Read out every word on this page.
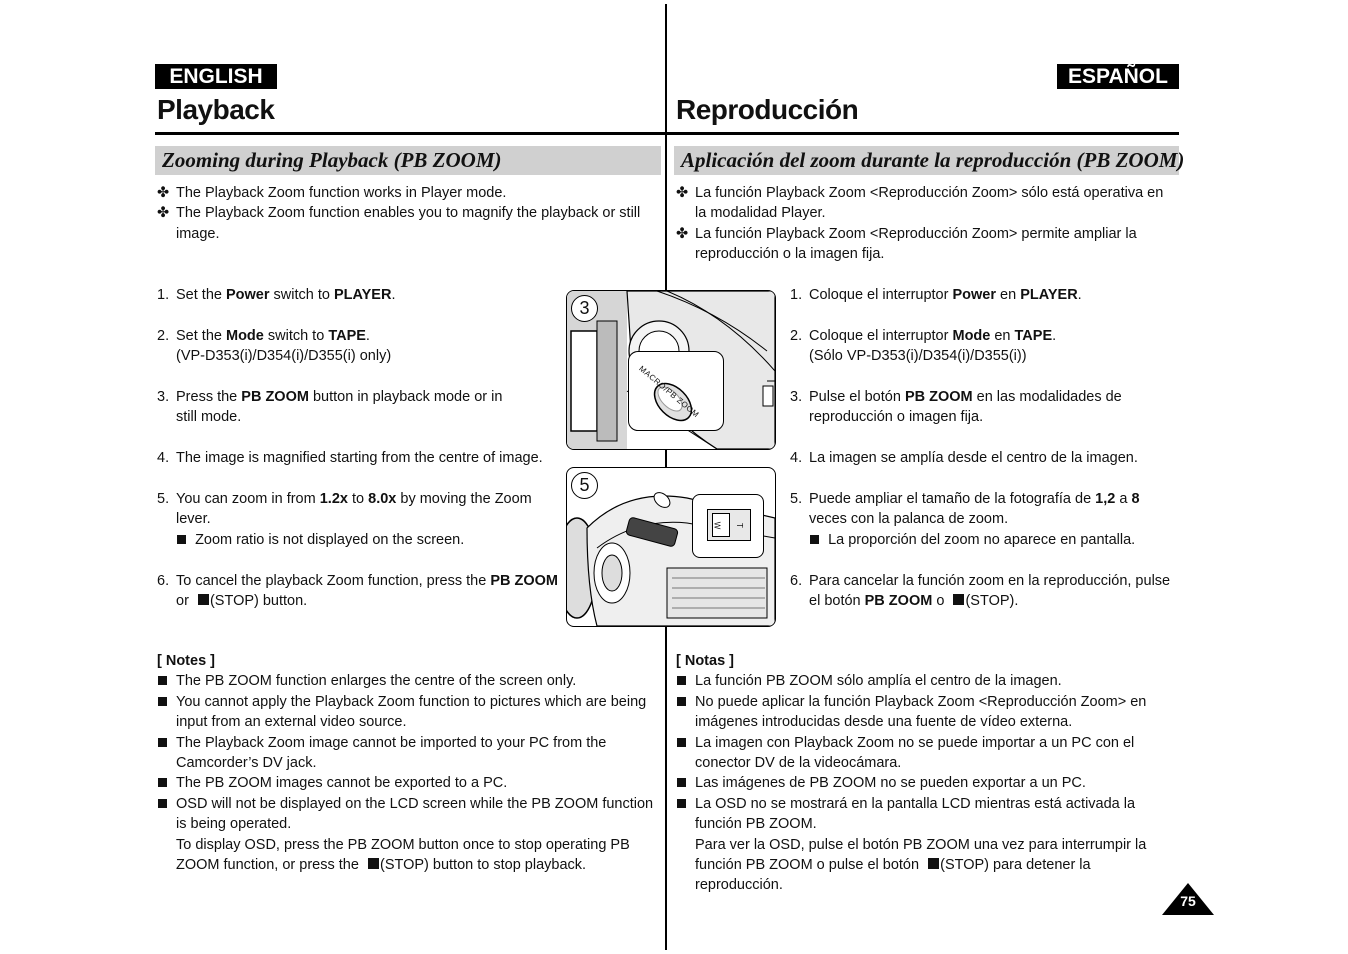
ENGLISH
Playback
Zooming during Playback (PB ZOOM)
ESPAÑOL
Reproducción
Aplicación del zoom durante la reproducción (PB ZOOM)
✤ The Playback Zoom function works in Player mode.
✤ The Playback Zoom function enables you to magnify the playback or still image.
✤ La función Playback Zoom <Reproducción Zoom> sólo está operativa en la modalidad Player.
✤ La función Playback Zoom <Reproducción Zoom> permite ampliar la reproducción o la imagen fija.
1. Set the Power switch to PLAYER.
2. Set the Mode switch to TAPE.
(VP-D353(i)/D354(i)/D355(i) only)
3. Press the PB ZOOM button in playback mode or in still mode.
4. The image is magnified starting from the centre of image.
5. You can zoom in from 1.2x to 8.0x by moving the Zoom lever.
Zoom ratio is not displayed on the screen.
6. To cancel the playback Zoom function, press the PB ZOOM
or (STOP) button.
1. Coloque el interruptor Power en PLAYER.
2. Coloque el interruptor Mode en TAPE.
(Sólo VP-D353(i)/D354(i)/D355(i))
3. Pulse el botón PB ZOOM en las modalidades de reproducción o imagen fija.
4. La imagen se amplía desde el centro de la imagen.
5. Puede ampliar el tamaño de la fotografía de 1,2 a 8 veces con la palanca de zoom.
La proporción del zoom no aparece en pantalla.
6. Para cancelar la función zoom en la reproducción, pulse el botón PB ZOOM o  (STOP).
MACRO/PB ZOOM
3
W T
5
[ Notes ]
The PB ZOOM function enlarges the centre of the screen only.
You cannot apply the Playback Zoom function to pictures which are being input from an external video source.
The Playback Zoom image cannot be imported to your PC from the Camcorder’s DV jack.
The PB ZOOM images cannot be exported to a PC.
OSD will not be displayed on the LCD screen while the PB ZOOM function is being operated.
To display OSD, press the PB ZOOM button once to stop operating PB ZOOM function, or press the (STOP) button to stop playback.
[ Notas ]
La función PB ZOOM sólo amplía el centro de la imagen.
No puede aplicar la función Playback Zoom <Reproducción Zoom> en imágenes introducidas desde una fuente de vídeo externa.
La imagen con Playback Zoom no se puede importar a un PC con el conector DV de la videocámara.
Las imágenes de PB ZOOM no se pueden exportar a un PC.
La OSD no se mostrará en la pantalla LCD mientras está activada la función PB ZOOM.
Para ver la OSD, pulse el botón PB ZOOM una vez para interrumpir la función PB ZOOM o pulse el botón (STOP) para detener la reproducción.
75
